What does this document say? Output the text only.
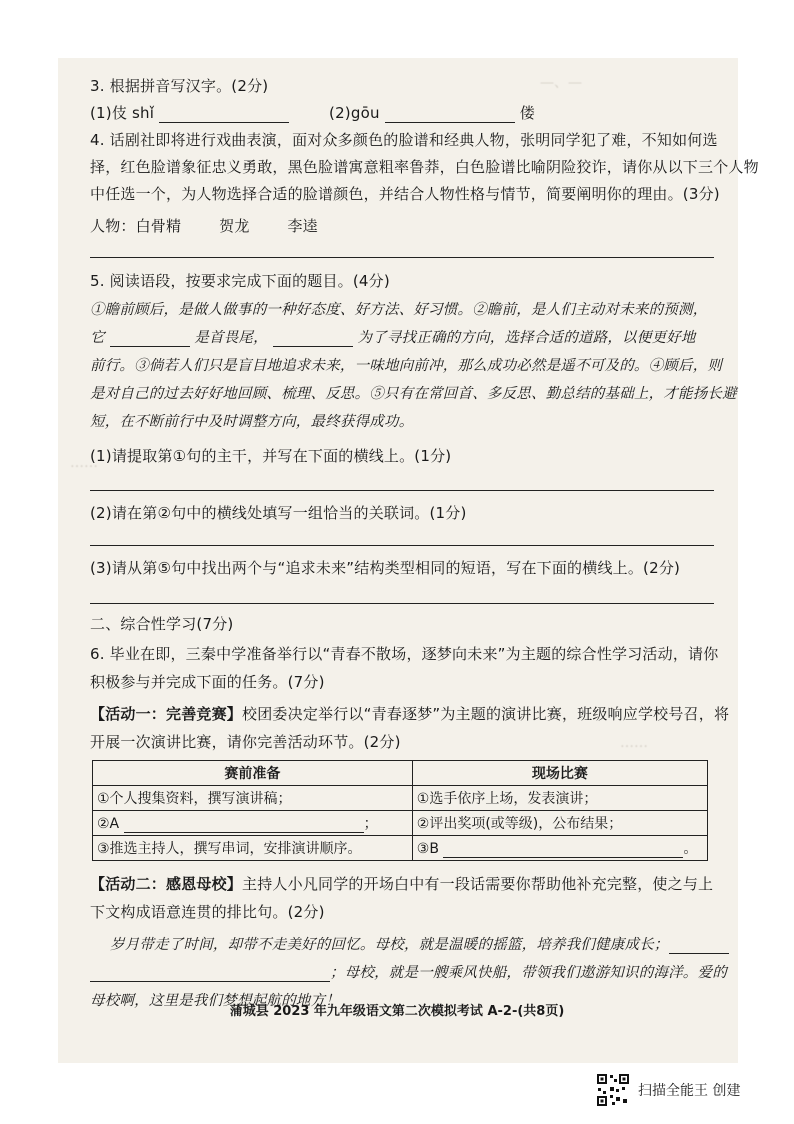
—、—
……
……
3. 根据拼音写汉字。(2分)
(1)伎 shǐ	(2)gōu	偻
4. 话剧社即将进行戏曲表演，面对众多颜色的脸谱和经典人物，张明同学犯了难，不知如何选
择，红色脸谱象征忠义勇敢，黑色脸谱寓意粗率鲁莽，白色脸谱比喻阴险狡诈，请你从以下三个人物
中任选一个，为人物选择合适的脸谱颜色，并结合人物性格与情节，简要阐明你的理由。(3分)
人物：白骨精	贺龙	李逵
5. 阅读语段，按要求完成下面的题目。(4分)
①瞻前顾后，是做人做事的一种好态度、好方法、好习惯。②瞻前，是人们主动对未来的预测，
它	是首畏尾，	为了寻找正确的方向，选择合适的道路，以便更好地
前行。③倘若人们只是盲目地追求未来，一味地向前冲，那么成功必然是遥不可及的。④顾后，则
是对自己的过去好好地回顾、梳理、反思。⑤只有在常回首、多反思、勤总结的基础上，才能扬长避
短，在不断前行中及时调整方向，最终获得成功。
(1)请提取第①句的主干，并写在下面的横线上。(1分)
(2)请在第②句中的横线处填写一组恰当的关联词。(1分)
(3)请从第⑤句中找出两个与“追求未来”结构类型相同的短语，写在下面的横线上。(2分)
二、综合性学习(7分)
6. 毕业在即，三秦中学准备举行以“青春不散场，逐梦向未来”为主题的综合性学习活动，请你
积极参与并完成下面的任务。(7分)
【活动一：完善竞赛】校团委决定举行以“青春逐梦”为主题的演讲比赛，班级响应学校号召，将
开展一次演讲比赛，请你完善活动环节。(2分)
赛前准备	现场比赛
①个人搜集资料，撰写演讲稿；	①选手依序上场，发表演讲；
②A ；	②评出奖项(或等级)，公布结果；
③推选主持人，撰写串词，安排演讲顺序。	③B 。
【活动二：感恩母校】主持人小凡同学的开场白中有一段话需要你帮助他补充完整，使之与上
下文构成语意连贯的排比句。(2分)
岁月带走了时间，却带不走美好的回忆。母校，就是温暖的摇篮，培养我们健康成长；
；母校，就是一艘乘风快船，带领我们遨游知识的海洋。爱的
母校啊，这里是我们梦想起航的地方！
蒲城县 2023 年九年级语文第二次模拟考试 A-2-(共8页)
扫描全能王 创建
